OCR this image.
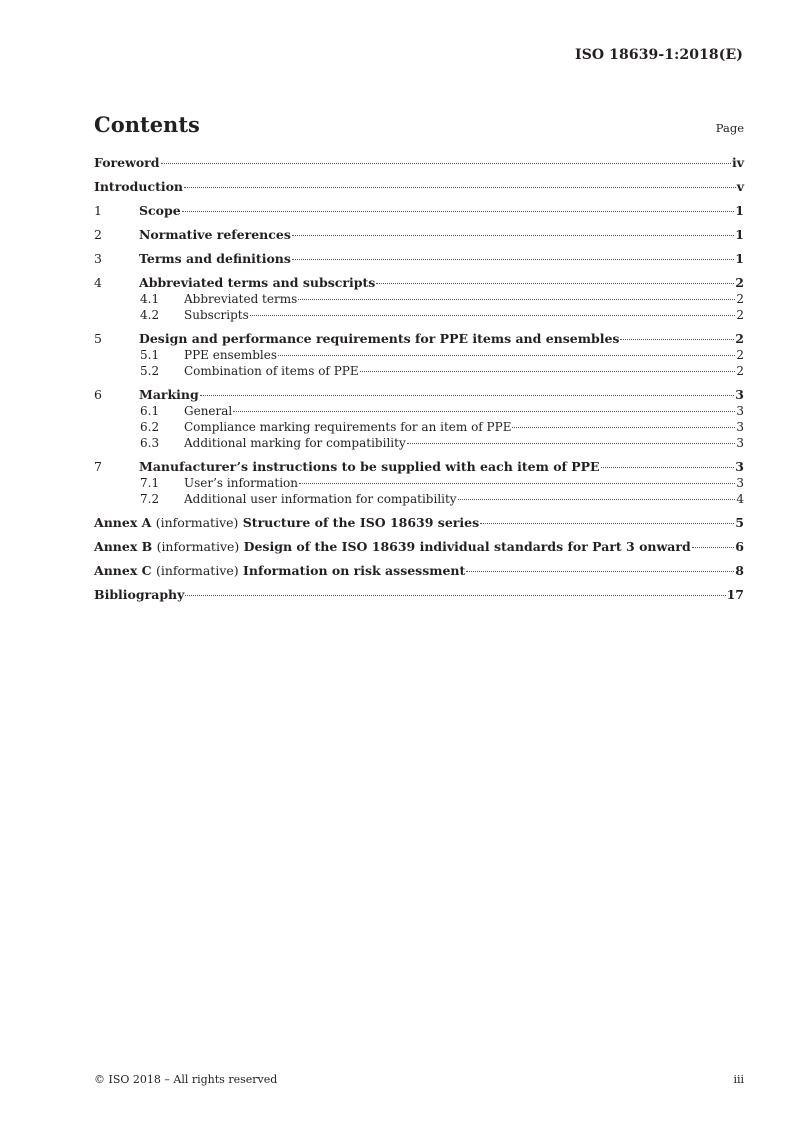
ISO 18639-1:2018(E)
Contents	Page
Foreword	iv
Introduction	v
1	Scope	1
2	Normative references	1
3	Terms and definitions	1
4	Abbreviated terms and subscripts	2
4.1	Abbreviated terms	2
4.2	Subscripts	2
5	Design and performance requirements for PPE items and ensembles	2
5.1	PPE ensembles	2
5.2	Combination of items of PPE	2
6	Marking	3
6.1	General	3
6.2	Compliance marking requirements for an item of PPE	3
6.3	Additional marking for compatibility	3
7	Manufacturer’s instructions to be supplied with each item of PPE	3
7.1	User’s information	3
7.2	Additional user information for compatibility	4
Annex A (informative) Structure of the ISO 18639 series	5
Annex B (informative) Design of the ISO 18639 individual standards for Part 3 onward	6
Annex C (informative) Information on risk assessment	8
Bibliography	17
© ISO 2018 – All rights reserved	iii
